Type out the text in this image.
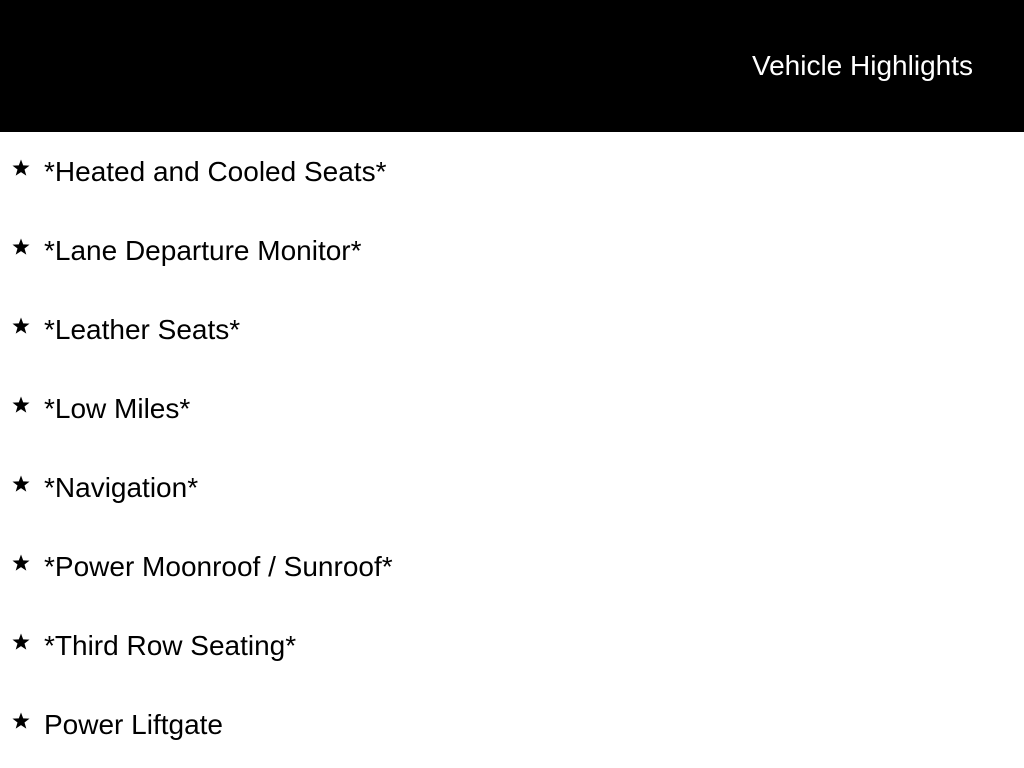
Vehicle Highlights
*Heated and Cooled Seats*
*Lane Departure Monitor*
*Leather Seats*
*Low Miles*
*Navigation*
*Power Moonroof / Sunroof*
*Third Row Seating*
Power Liftgate
